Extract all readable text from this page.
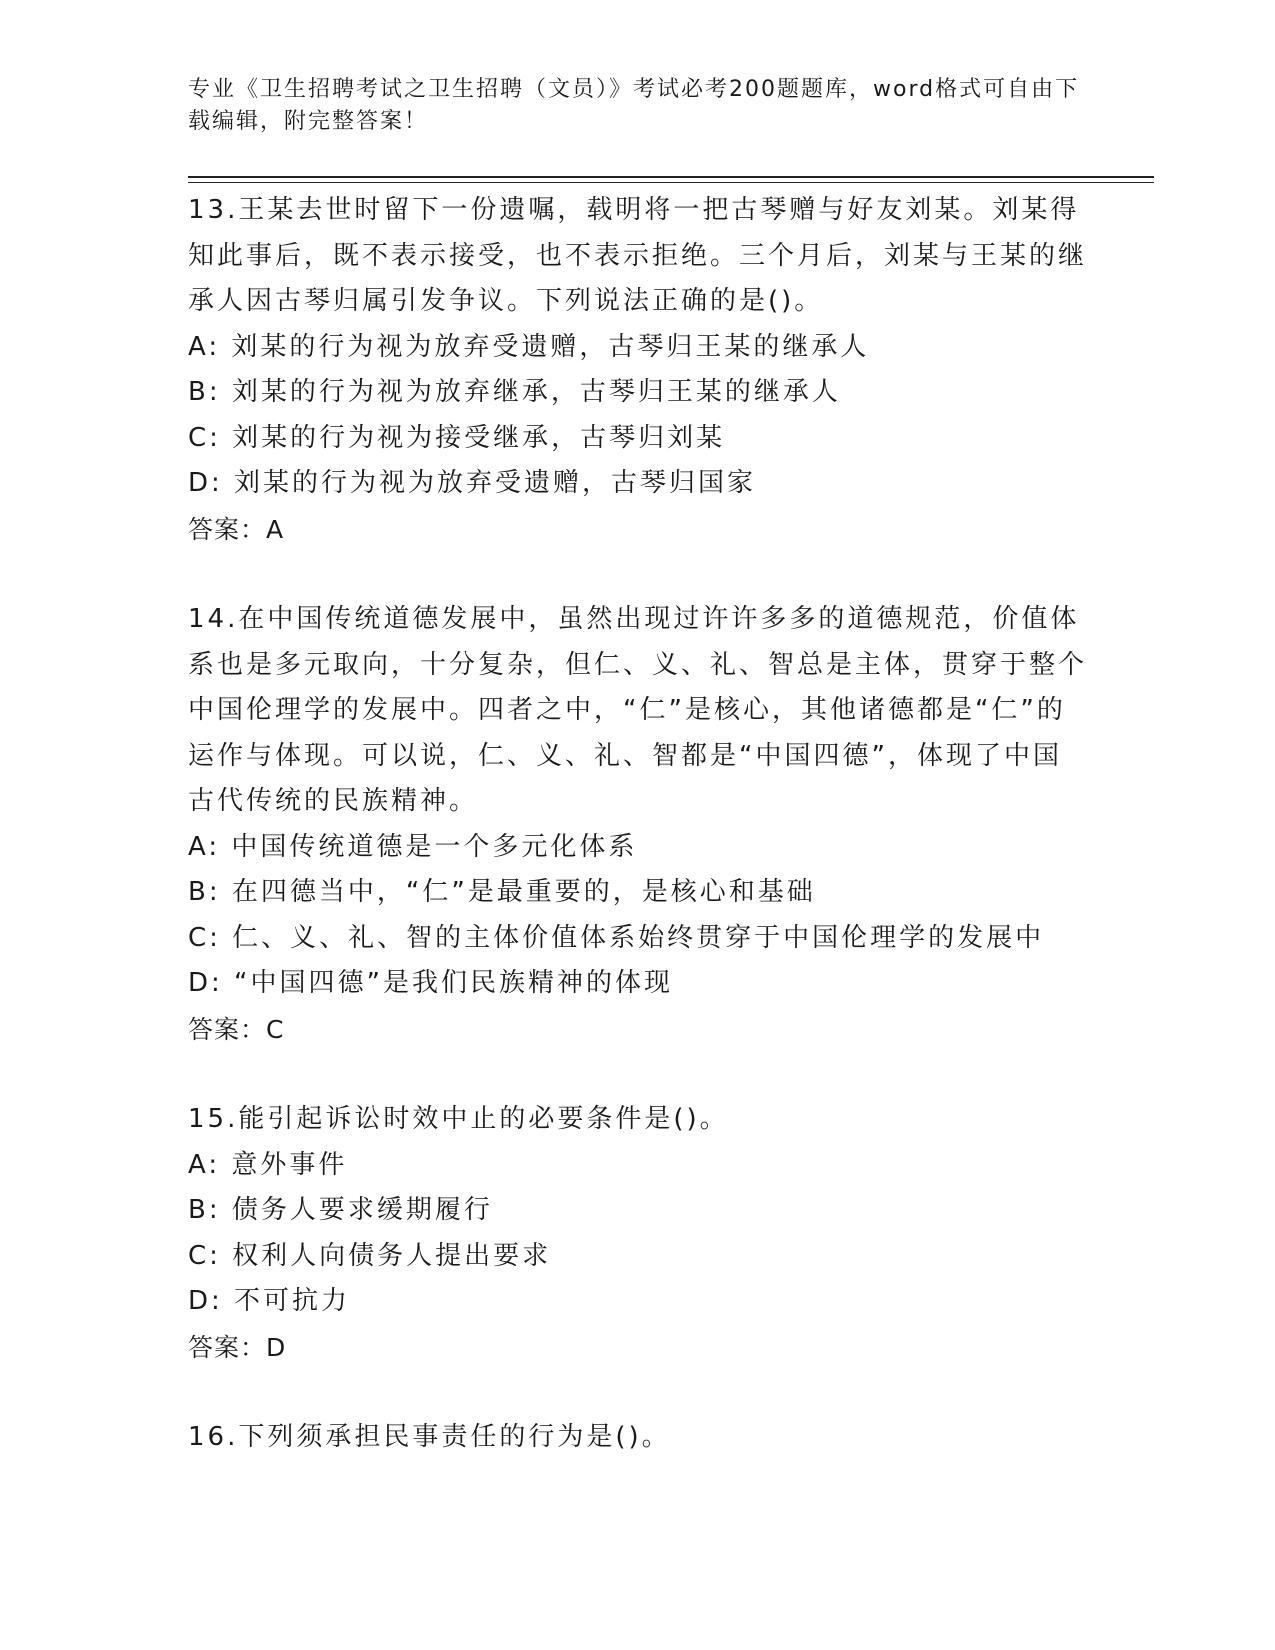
专业《卫生招聘考试之卫生招聘（文员）》考试必考200题题库，word格式可自由下载编辑，附完整答案！

13.王某去世时留下一份遗嘱，载明将一把古琴赠与好友刘某。刘某得知此事后，既不表示接受，也不表示拒绝。三个月后，刘某与王某的继承人因古琴归属引发争议。下列说法正确的是()。

A: 刘某的行为视为放弃受遗赠，古琴归王某的继承人

B: 刘某的行为视为放弃继承，古琴归王某的继承人

C: 刘某的行为视为接受继承，古琴归刘某

D: 刘某的行为视为放弃受遗赠，古琴归国家

答案：A

14.在中国传统道德发展中，虽然出现过许许多多的道德规范，价值体系也是多元取向，十分复杂，但仁、义、礼、智总是主体，贯穿于整个中国伦理学的发展中。四者之中，“仁”是核心，其他诸德都是“仁”的运作与体现。可以说，仁、义、礼、智都是“中国四德”，体现了中国古代传统的民族精神。

A: 中国传统道德是一个多元化体系

B: 在四德当中，“仁”是最重要的，是核心和基础

C: 仁、义、礼、智的主体价值体系始终贯穿于中国伦理学的发展中

D: “中国四德”是我们民族精神的体现

答案：C

15.能引起诉讼时效中止的必要条件是()。

A: 意外事件

B: 债务人要求缓期履行

C: 权利人向债务人提出要求

D: 不可抗力

答案：D

16.下列须承担民事责任的行为是()。
